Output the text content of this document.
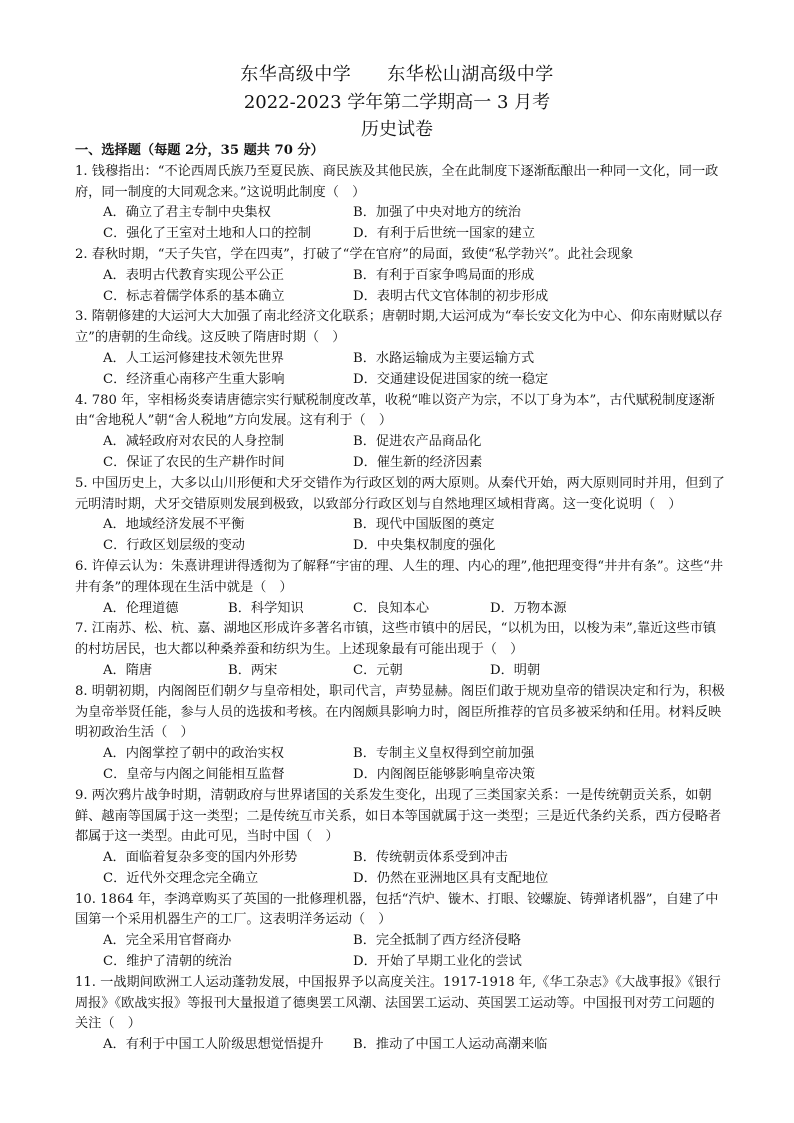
东华高级中学 东华松山湖高级中学
2022-2023 学年第二学期高一 3 月考
历史试卷
一、选择题（每题 2分，35 题共 70 分）

1. 钱穆指出：“不论西周氏族乃至夏民族、商民族及其他民族，全在此制度下逐渐酝酿出一种同一文化，同一政府，同一制度的大同观念来。”这说明此制度（　）

A．确立了君主专制中央集权	B．加强了中央对地方的统治
C．强化了王室对土地和人口的控制	D．有利于后世统一国家的建立

2. 春秋时期，“天子失官，学在四夷”，打破了“学在官府”的局面，致使“私学勃兴”。此社会现象

A．表明古代教育实现公平公正	B．有利于百家争鸣局面的形成
C．标志着儒学体系的基本确立	D．表明古代文官体制的初步形成

3. 隋朝修建的大运河大大加强了南北经济文化联系；唐朝时期,大运河成为“奉长安文化为中心、仰东南财赋以存立”的唐朝的生命线。这反映了隋唐时期（　）

A．人工运河修建技术领先世界	B．水路运输成为主要运输方式
C．经济重心南移产生重大影响	D．交通建设促进国家的统一稳定

4. 780 年，宰相杨炎奏请唐德宗实行赋税制度改革，收税“唯以资产为宗，不以丁身为本”，古代赋税制度逐渐由“舍地税人”朝“舍人税地”方向发展。这有利于（　）

A．减轻政府对农民的人身控制	B．促进农产品商品化
C．保证了农民的生产耕作时间	D．催生新的经济因素

5. 中国历史上，大多以山川形便和犬牙交错作为行政区划的两大原则。从秦代开始，两大原则同时并用，但到了元明清时期，犬牙交错原则发展到极致，以致部分行政区划与自然地理区域相背离。这一变化说明（　）

A．地域经济发展不平衡	B．现代中国版图的奠定
C．行政区划层级的变动	D．中央集权制度的强化

6. 许倬云认为：朱熹讲理讲得透彻为了解释“宇宙的理、人生的理、内心的理”,他把理变得“井井有条”。这些“井井有条”的理体现在生活中就是（　）

A．伦理道德	B．科学知识	C．良知本心	D．万物本源

7. 江南苏、松、杭、嘉、湖地区形成许多著名市镇，这些市镇中的居民，“以机为田，以梭为耒”,靠近这些市镇的村坊居民，也大都以种桑养蚕和纺织为生。上述现象最有可能出现于（　）

A．隋唐	B．两宋	C．元朝	D．明朝

8. 明朝初期，内阁阁臣们朝夕与皇帝相处，职司代言，声势显赫。阁臣们敢于规劝皇帝的错误决定和行为，积极为皇帝举贤任能，参与人员的选拔和考核。在内阁颇具影响力时，阁臣所推荐的官员多被采纳和任用。材料反映明初政治生活（　）

A．内阁掌控了朝中的政治实权	B．专制主义皇权得到空前加强
C．皇帝与内阁之间能相互监督	D．内阁阁臣能够影响皇帝决策

9. 两次鸦片战争时期，清朝政府与世界诸国的关系发生变化，出现了三类国家关系：一是传统朝贡关系，如朝鲜、越南等国属于这一类型；二是传统互市关系，如日本等国就属于这一类型；三是近代条约关系，西方侵略者都属于这一类型。由此可见，当时中国（　）

A．面临着复杂多变的国内外形势	B．传统朝贡体系受到冲击
C．近代外交理念完全确立	D．仍然在亚洲地区具有支配地位

10. 1864 年，李鸿章购买了英国的一批修理机器，包括“汽炉、镟木、打眼、铰螺旋、铸弹诸机器”，自建了中国第一个采用机器生产的工厂。这表明洋务运动（　）

A．完全采用官督商办	B．完全抵制了西方经济侵略
C．维护了清朝的统治	D．开始了早期工业化的尝试

11. 一战期间欧洲工人运动蓬勃发展，中国报界予以高度关注。1917-1918 年,《华工杂志》《大战事报》《银行周报》《欧战实报》等报刊大量报道了德奥罢工风潮、法国罢工运动、英国罢工运动等。中国报刊对劳工问题的关注（　）

A．有利于中国工人阶级思想觉悟提升	B．推动了中国工人运动高潮来临
